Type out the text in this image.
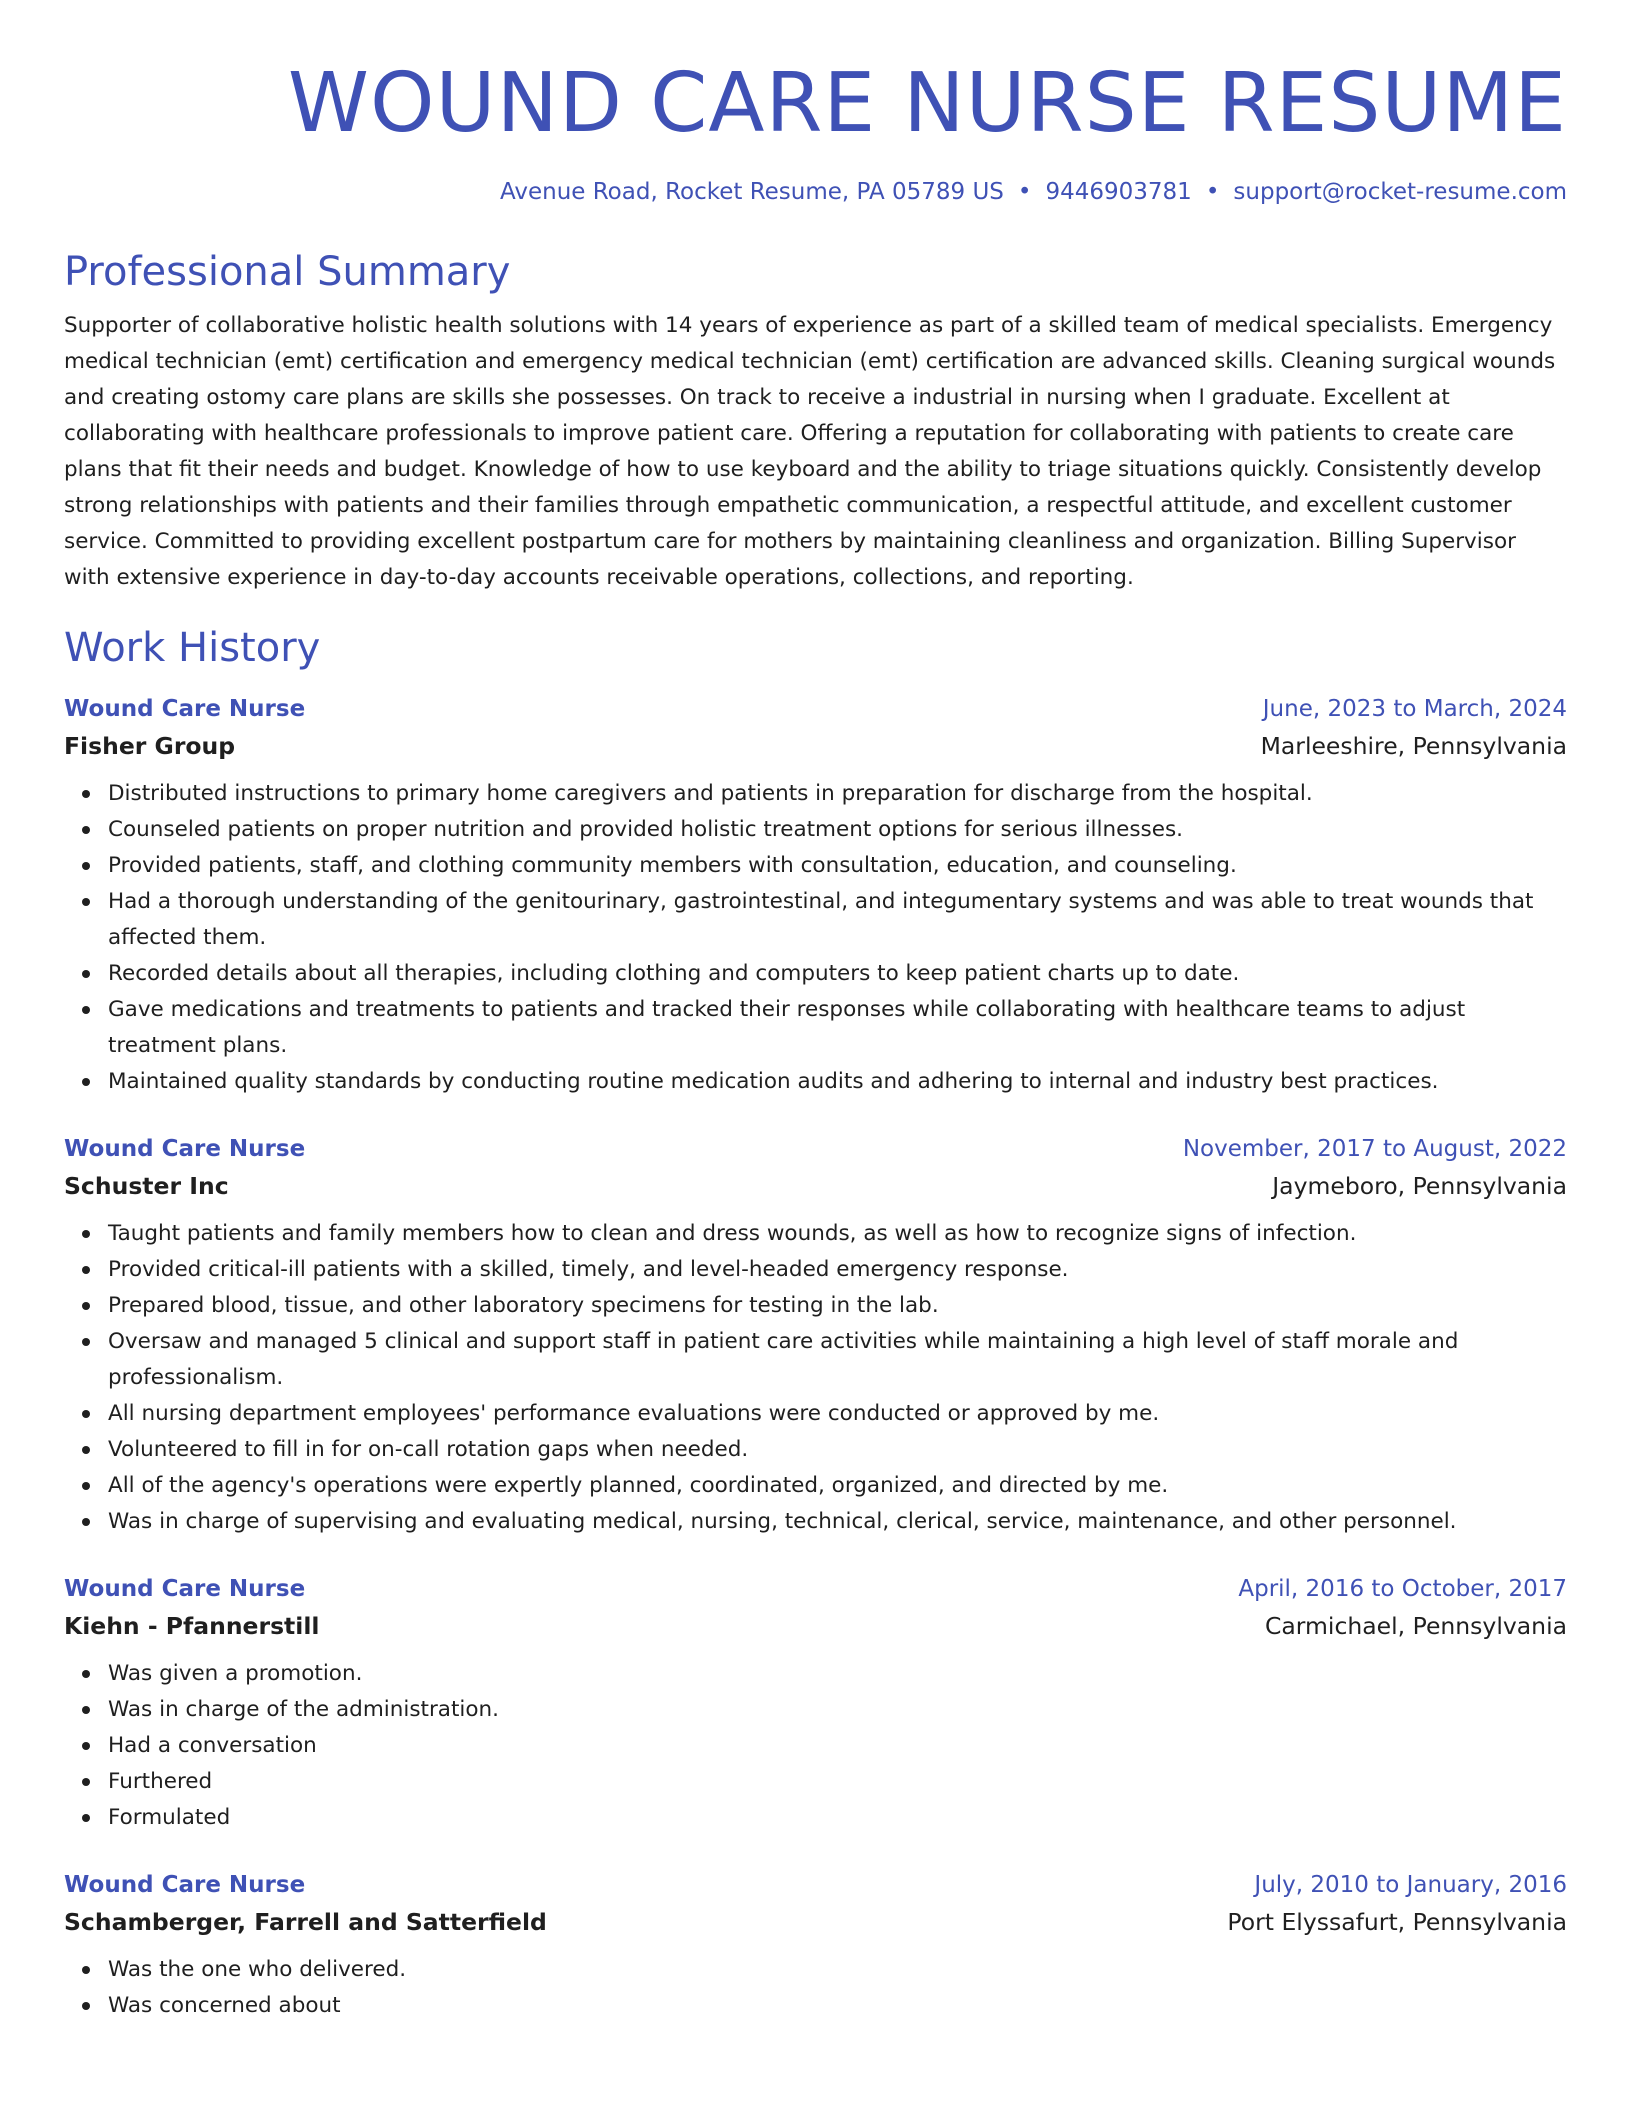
WOUND CARE NURSE RESUME
Avenue Road, Rocket Resume, PA 05789 US • 9446903781 • support@rocket-resume.com
Professional Summary

Supporter of collaborative holistic health solutions with 14 years of experience as part of a skilled team of medical specialists. Emergency medical technician (emt) certification and emergency medical technician (emt) certification are advanced skills. Cleaning surgical wounds and creating ostomy care plans are skills she possesses. On track to receive a industrial in nursing when I graduate. Excellent at collaborating with healthcare professionals to improve patient care. Offering a reputation for collaborating with patients to create care plans that fit their needs and budget. Knowledge of how to use keyboard and the ability to triage situations quickly. Consistently develop strong relationships with patients and their families through empathetic communication, a respectful attitude, and excellent customer service. Committed to providing excellent postpartum care for mothers by maintaining cleanliness and organization. Billing Supervisor with extensive experience in day-to-day accounts receivable operations, collections, and reporting.

Work History
Wound Care Nurse	June, 2023 to March, 2024
Fisher Group	Marleeshire, Pennsylvania
Distributed instructions to primary home caregivers and patients in preparation for discharge from the hospital.
Counseled patients on proper nutrition and provided holistic treatment options for serious illnesses.
Provided patients, staff, and clothing community members with consultation, education, and counseling.
Had a thorough understanding of the genitourinary, gastrointestinal, and integumentary systems and was able to treat wounds that affected them.
Recorded details about all therapies, including clothing and computers to keep patient charts up to date.
Gave medications and treatments to patients and tracked their responses while collaborating with healthcare teams to adjust treatment plans.
Maintained quality standards by conducting routine medication audits and adhering to internal and industry best practices.
Wound Care Nurse	November, 2017 to August, 2022
Schuster Inc	Jaymeboro, Pennsylvania
Taught patients and family members how to clean and dress wounds, as well as how to recognize signs of infection.
Provided critical-ill patients with a skilled, timely, and level-headed emergency response.
Prepared blood, tissue, and other laboratory specimens for testing in the lab.
Oversaw and managed 5 clinical and support staff in patient care activities while maintaining a high level of staff morale and professionalism.
All nursing department employees' performance evaluations were conducted or approved by me.
Volunteered to fill in for on-call rotation gaps when needed.
All of the agency's operations were expertly planned, coordinated, organized, and directed by me.
Was in charge of supervising and evaluating medical, nursing, technical, clerical, service, maintenance, and other personnel.
Wound Care Nurse	April, 2016 to October, 2017
Kiehn - Pfannerstill	Carmichael, Pennsylvania
Was given a promotion.
Was in charge of the administration.
Had a conversation
Furthered
Formulated
Wound Care Nurse	July, 2010 to January, 2016
Schamberger, Farrell and Satterfield	Port Elyssafurt, Pennsylvania
Was the one who delivered.
Was concerned about
